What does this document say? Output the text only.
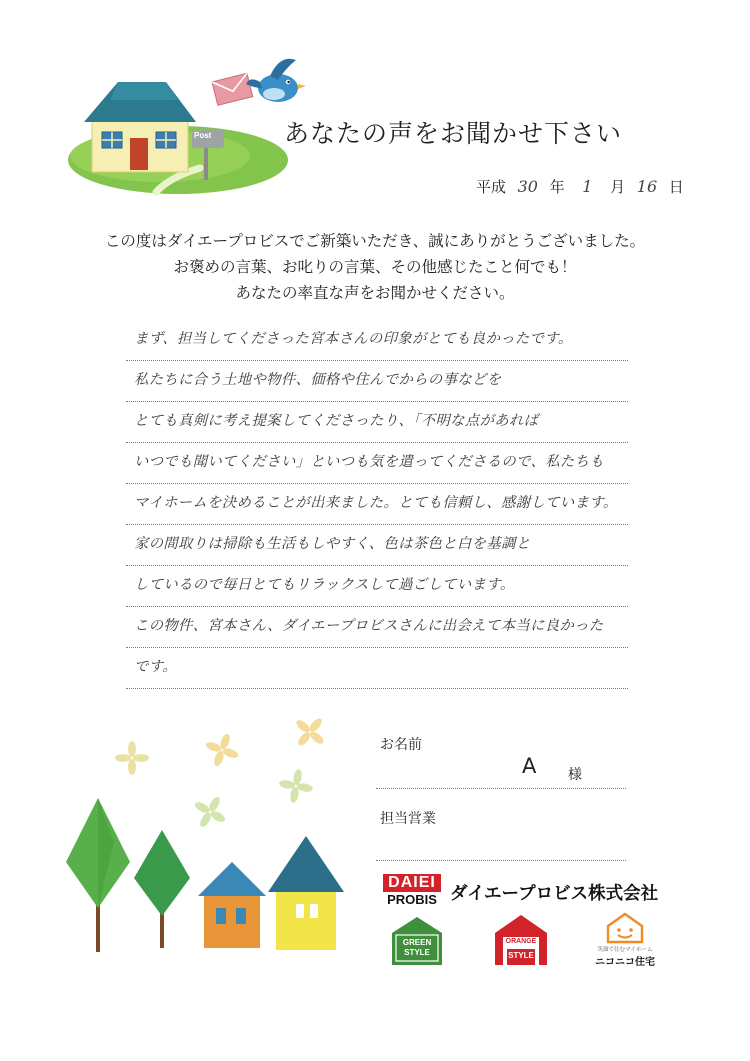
Post	あなたの声をお聞かせ下さい
平成 30 年 1 月 16 日
この度はダイエープロビスでご新築いただき、誠にありがとうございました。
お褒めの言葉、お叱りの言葉、その他感じたこと何でも！
あなたの率直な声をお聞かせください。
まず、担当してくださった宮本さんの印象がとても良かったです。
私たちに合う土地や物件、価格や住んでからの事などを
とても真剣に考え提案してくださったり、「不明な点があれば
いつでも聞いてください」といつも気を遣ってくださるので、私たちも
マイホームを決めることが出来ました。とても信頼し、感謝しています。
家の間取りは掃除も生活もしやすく、色は茶色と白を基調と
しているので毎日とてもリラックスして過ごしています。
この物件、宮本さん、ダイエープロビスさんに出会えて本当に良かった
です。
お名前
A 様
担当営業
DAIEI
PROBIS ダイエープロビス株式会社
GREEN
STYLE
ORANGE
STYLE
笑顔で住むマイホーム
ニコニコ住宅
